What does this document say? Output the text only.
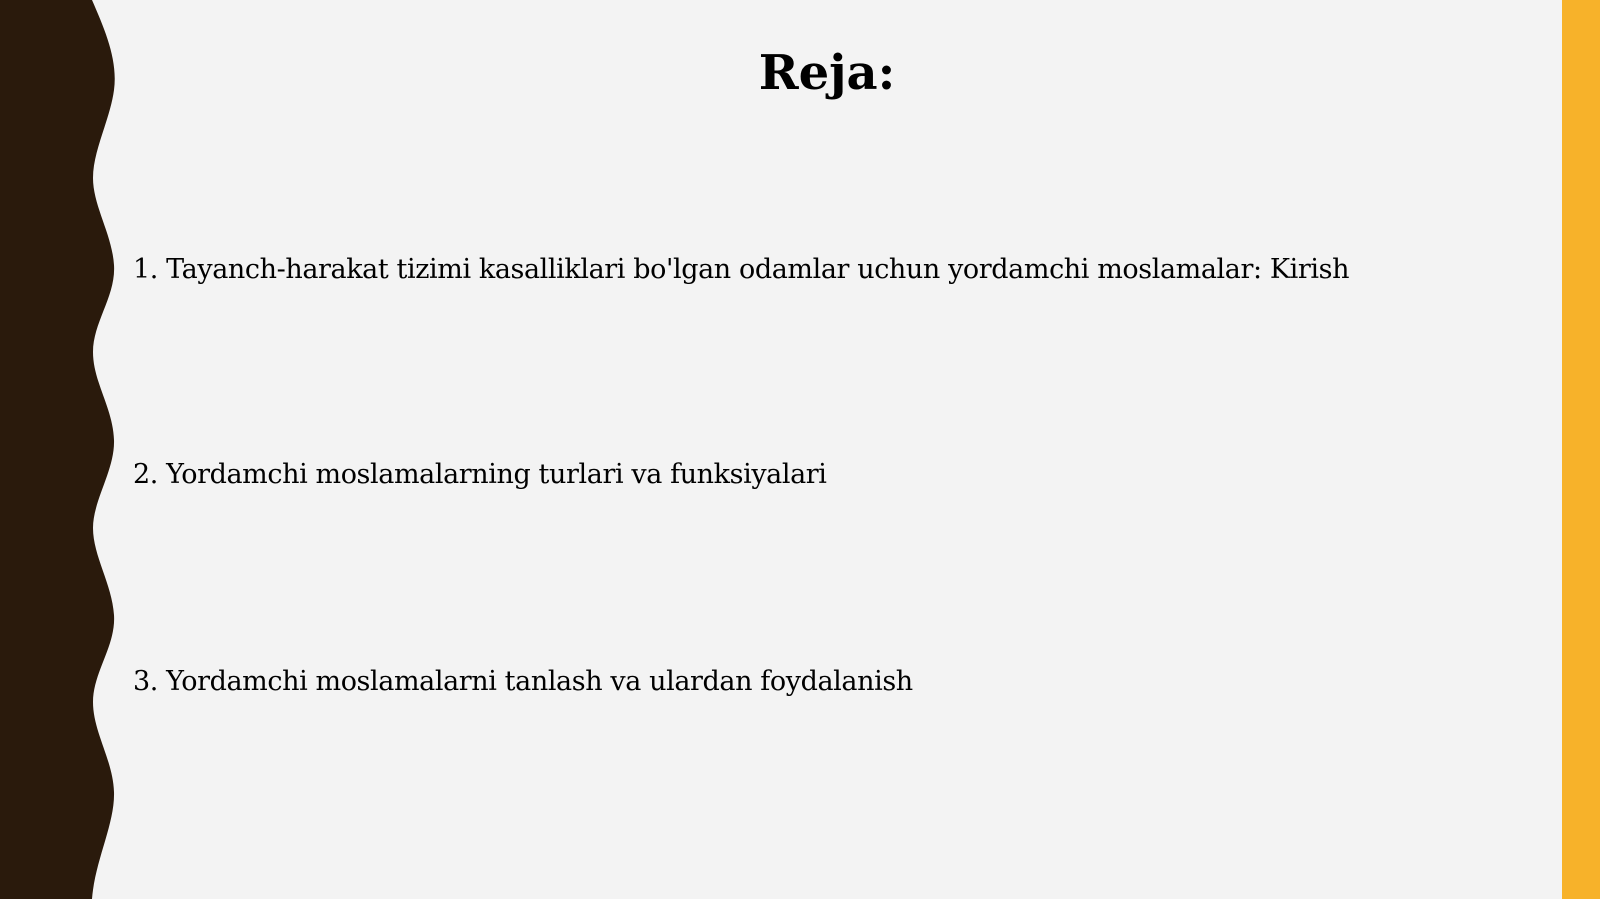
Reja:

1. Tayanch-harakat tizimi kasalliklari bo'lgan odamlar uchun yordamchi moslamalar: Kirish

2. Yordamchi moslamalarning turlari va funksiyalari

3. Yordamchi moslamalarni tanlash va ulardan foydalanish
